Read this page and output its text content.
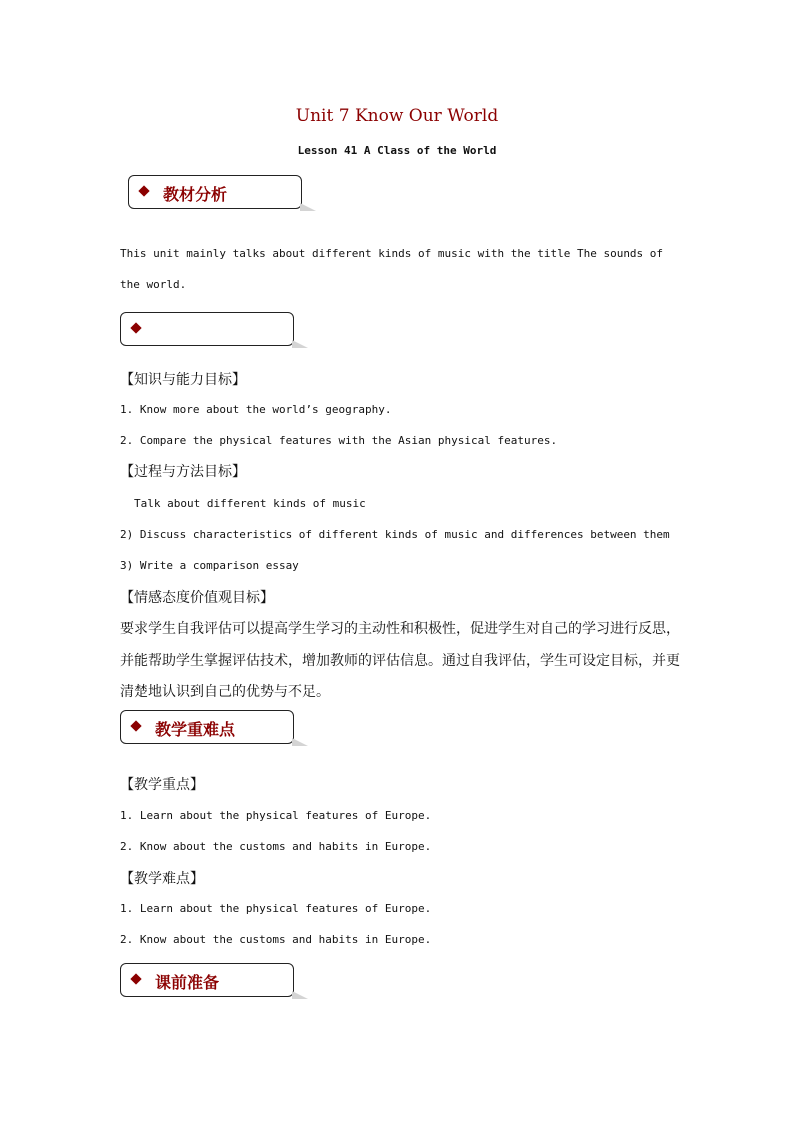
Unit 7 Know Our World
Lesson 41 A Class of the World
教材分析
This unit mainly talks about different kinds of music with the title The sounds of
the world.
【知识与能力目标】
1. Know more about the world’s geography.
2. Compare the physical features with the Asian physical features.
【过程与方法目标】
Talk about different kinds of music
2) Discuss characteristics of different kinds of music and differences between them
3) Write a comparison essay
【情感态度价值观目标】
要求学生自我评估可以提高学生学习的主动性和积极性，促进学生对自己的学习进行反思，
并能帮助学生掌握评估技术，增加教师的评估信息。通过自我评估，学生可设定目标，并更
清楚地认识到自己的优势与不足。
教学重难点
【教学重点】
1. Learn about the physical features of Europe.
2. Know about the customs and habits in Europe.
【教学难点】
1. Learn about the physical features of Europe.
2. Know about the customs and habits in Europe.
课前准备
